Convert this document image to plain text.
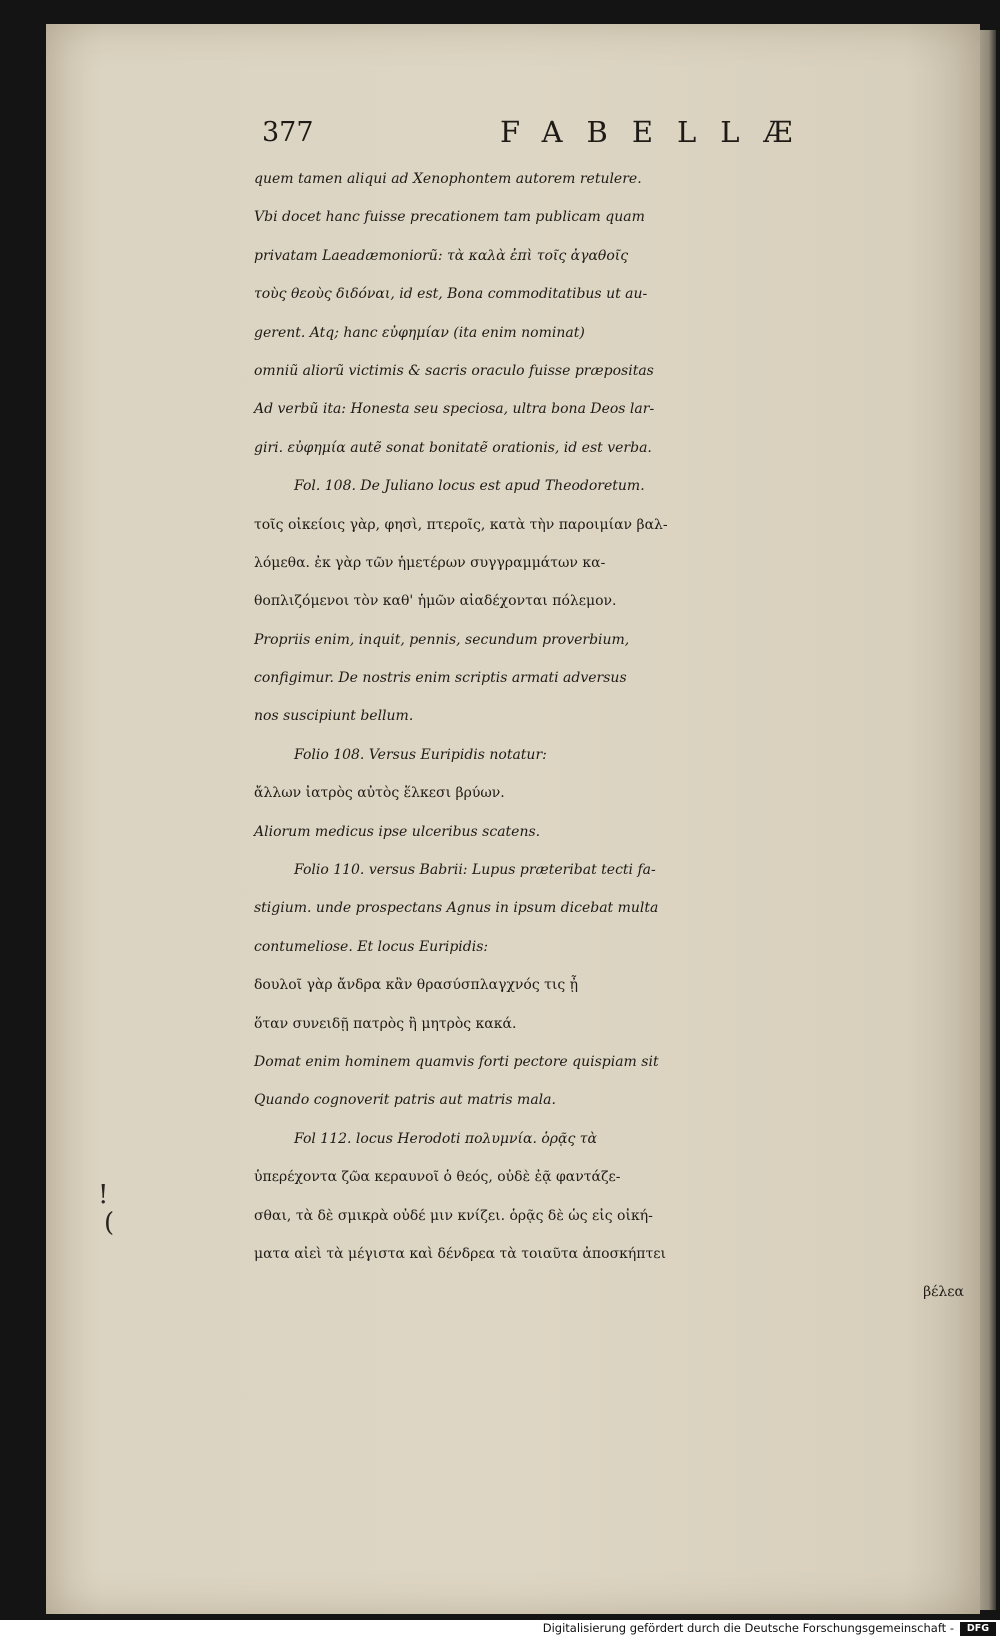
377	FABELLÆ
quem tamen aliqui ad Xenophontem autorem retulere.
Vbi docet hanc fuisse precationem tam publicam quam
privatam Laeadæmoniorũ: τὰ καλὰ ἐπὶ τοῖς ἀγαθοῖς
τοὺς θεοὺς διδόναι, id est, Bona commoditatibus ut au-
gerent. Atq; hanc εὐφημίαν (ita enim nominat)
omniũ aliorũ victimis & sacris oraculo fuisse præpositas
Ad verbũ ita: Honesta seu speciosa, ultra bona Deos lar-
giri. εὐφημία autẽ sonat bonitatẽ orationis, id est verba.
Fol. 108. De Juliano locus est apud Theodoretum.
τοῖς οἰκείοις γὰρ, φησὶ, πτεροῖς, κατὰ τὴν παροιμίαν βαλ-
λόμεθα. ἐκ γὰρ τῶν ἡμετέρων συγγραμμάτων κα-
θοπλιζόμενοι τὸν καθ' ἡμῶν αἰαδέχονται πόλεμον.
Propriis enim, inquit, pennis, secundum proverbium,
configimur. De nostris enim scriptis armati adversus
nos suscipiunt bellum.
Folio 108. Versus Euripidis notatur:
ἄλλων ἰατρὸς αὐτὸς ἕλκεσι βρύων.
Aliorum medicus ipse ulceribus scatens.
Folio 110. versus Babrii: Lupus præteribat tecti fa-
stigium. unde prospectans Agnus in ipsum dicebat multa
contumeliose. Et locus Euripidis:
δουλοῖ γὰρ ἄνδρα κἂν θρασύσπλαγχνός τις ᾖ
ὅταν συνειδῇ πατρὸς ἢ μητρὸς κακά.
Domat enim hominem quamvis forti pectore quispiam sit
Quando cognoverit patris aut matris mala.
Fol 112. locus Herodoti πολυμνία. ὁρᾷς τὰ
ὑπερέχοντα ζῶα κεραυνοῖ ὁ θεός, οὐδὲ ἐᾷ φαντάζε-
σθαι, τὰ δὲ σμικρὰ οὐδέ μιν κνίζει. ὁρᾷς δὲ ὡς εἰς οἰκή-
ματα αἰεὶ τὰ μέγιστα καὶ δένδρεα τὰ τοιαῦτα ἀποσκήπτει
βέλεα
!
(
Digitalisierung gefördert durch die Deutsche Forschungsgemeinschaft -	DFG
